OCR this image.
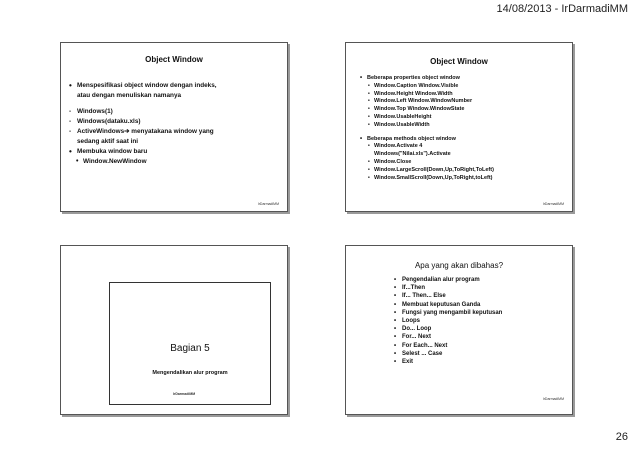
14/08/2013 - IrDarmadiMM
Object Window
• Menspesifikasi object window dengan indeks,
atau dengan menuliskan namanya
- Windows(1)
- Windows(dataku.xls)
- ActiveWindows➔ menyatakana window yang
sedang aktif saat ini
• Membuka window baru
• Window.NewWindow
IrDarmadiMM
Object Window
• Beberapa properties object window
• Window.Caption Window.Visible
• Window.Height Window.Width
• Window.Left Window.WindowNumber
• Window.Top Window.WindowState
• Window.UsableHeight
• Window.UsableWidth
• Beberapa methods object window
• Window.Activate 4
Windows("Nilai.xls").Activate
• Window.Close
• Window.LargeScroll(Down,Up,ToRight,ToLeft)
• Window.SmallScroll(Down,Up,ToRight,toLeft)
IrDarmadiMM
Bagian 5
Mengendalikan alur program
IrDarmadiMM
Apa yang akan dibahas?
• Pengendalian alur program
• If...Then
• If... Then... Else
• Membuat keputusan Ganda
• Fungsi yang mengambil keputusan
• Loops
• Do... Loop
• For... Next
• For Each... Next
• Selest ... Case
• Exit
IrDarmadiMM
26
